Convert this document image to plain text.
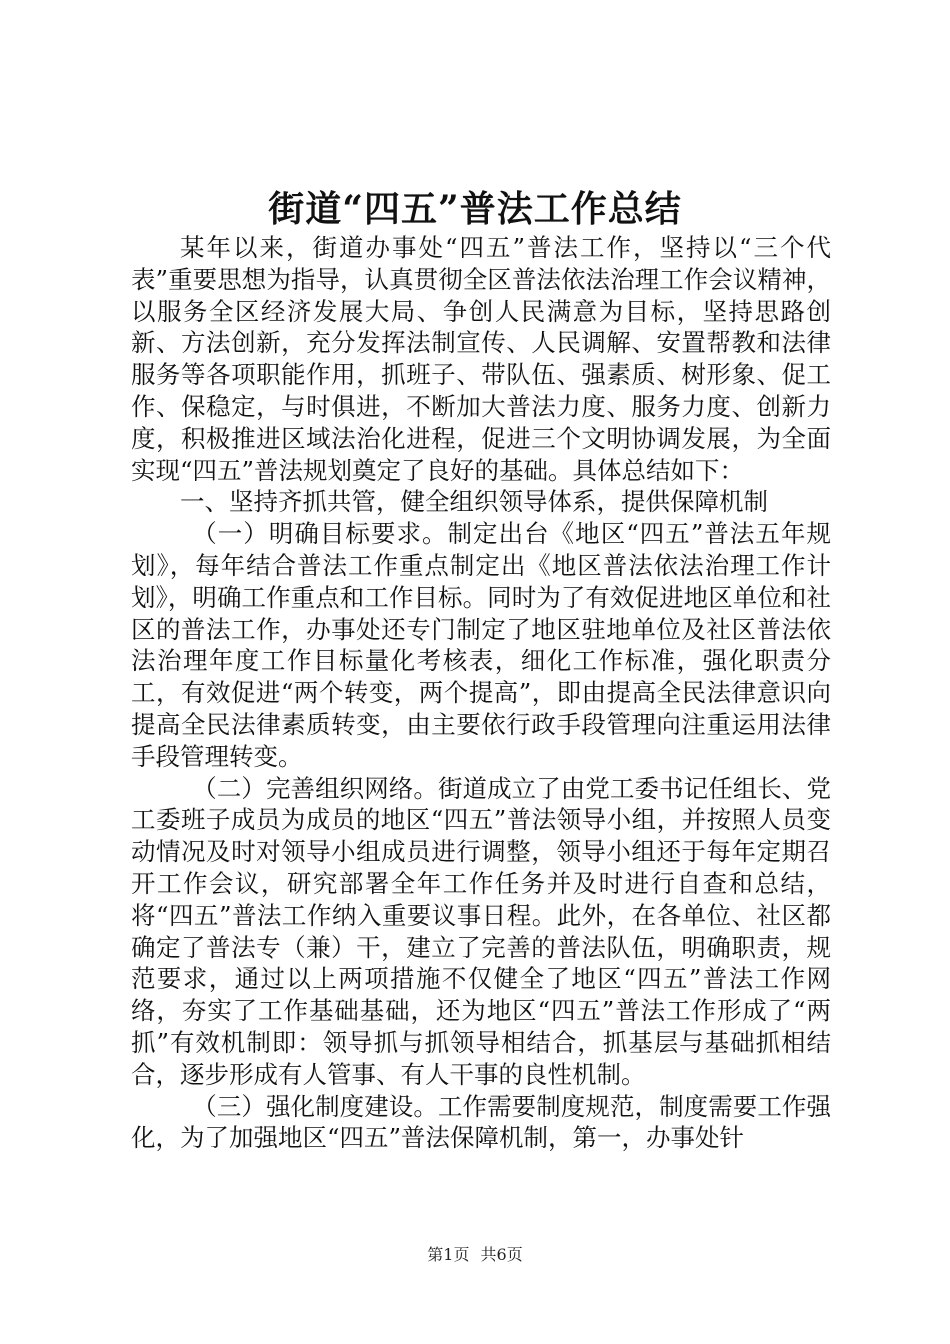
街道“四五”普法工作总结

某年以来，街道办事处“四五”普法工作，坚持以“三个代表”重要思想为指导，认真贯彻全区普法依法治理工作会议精神，以服务全区经济发展大局、争创人民满意为目标，坚持思路创新、方法创新，充分发挥法制宣传、人民调解、安置帮教和法律服务等各项职能作用，抓班子、带队伍、强素质、树形象、促工作、保稳定，与时俱进，不断加大普法力度、服务力度、创新力度，积极推进区域法治化进程，促进三个文明协调发展，为全面实现“四五”普法规划奠定了良好的基础。具体总结如下：

一、坚持齐抓共管，健全组织领导体系，提供保障机制

（一）明确目标要求。制定出台《地区“四五”普法五年规划》，每年结合普法工作重点制定出《地区普法依法治理工作计划》，明确工作重点和工作目标。同时为了有效促进地区单位和社区的普法工作，办事处还专门制定了地区驻地单位及社区普法依法治理年度工作目标量化考核表，细化工作标准，强化职责分工，有效促进“两个转变，两个提高”，即由提高全民法律意识向提高全民法律素质转变，由主要依行政手段管理向注重运用法律手段管理转变。

（二）完善组织网络。街道成立了由党工委书记任组长、党工委班子成员为成员的地区“四五”普法领导小组，并按照人员变动情况及时对领导小组成员进行调整，领导小组还于每年定期召开工作会议，研究部署全年工作任务并及时进行自查和总结，将“四五”普法工作纳入重要议事日程。此外，在各单位、社区都确定了普法专（兼）干，建立了完善的普法队伍，明确职责，规范要求，通过以上两项措施不仅健全了地区“四五”普法工作网络，夯实了工作基础基础，还为地区“四五”普法工作形成了“两抓”有效机制即：领导抓与抓领导相结合，抓基层与基础抓相结合，逐步形成有人管事、有人干事的良性机制。

（三）强化制度建设。工作需要制度规范，制度需要工作强化，为了加强地区“四五”普法保障机制，第一，办事处针

第1页 共6页
